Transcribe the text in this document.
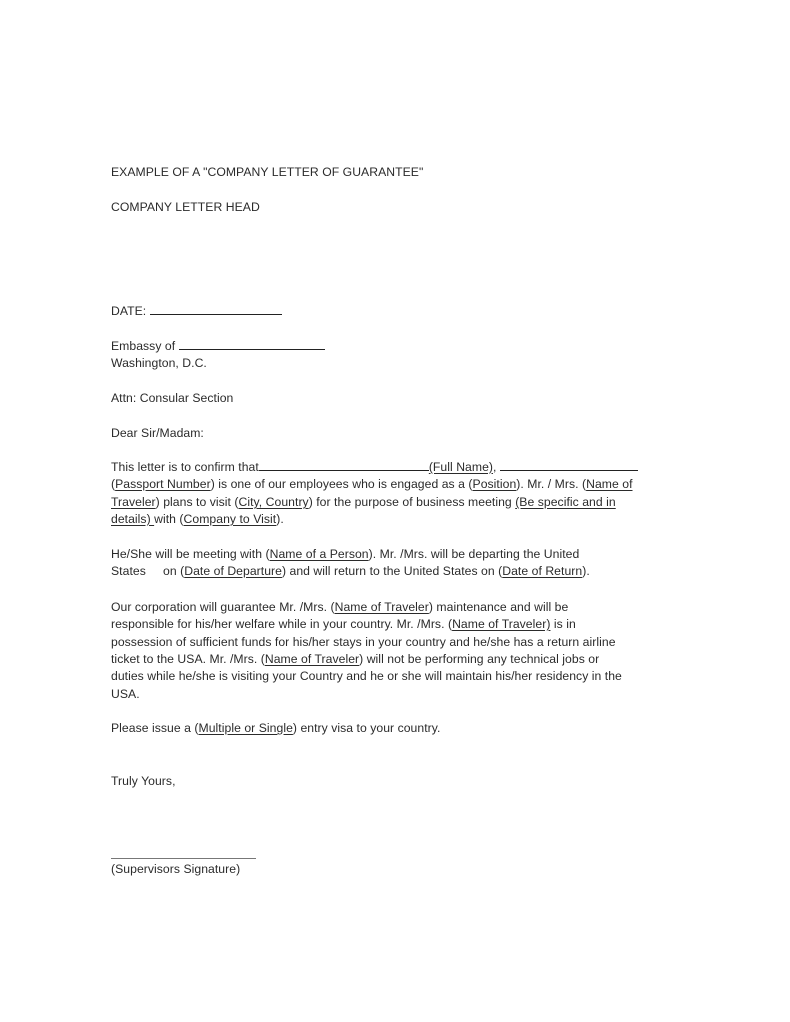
EXAMPLE OF A "COMPANY LETTER OF GUARANTEE"
COMPANY LETTER HEAD
DATE:
Embassy of
Washington, D.C.
Attn: Consular Section
Dear Sir/Madam:
This letter is to confirm that	(Full Name),
(Passport Number) is one of our employees who is engaged as a (Position). Mr. / Mrs. (Name of
Traveler) plans to visit (City, Country) for the purpose of business meeting (Be specific and in
details) with (Company to Visit).
He/She will be meeting with (Name of a Person). Mr. /Mrs. will be departing the United
States     on (Date of Departure) and will return to the United States on (Date of Return).
Our corporation will guarantee Mr. /Mrs. (Name of Traveler) maintenance and will be
responsible for his/her welfare while in your country. Mr. /Mrs. (Name of Traveler) is in
possession of sufficient funds for his/her stays in your country and he/she has a return airline
ticket to the USA. Mr. /Mrs. (Name of Traveler) will not be performing any technical jobs or
duties while he/she is visiting your Country and he or she will maintain his/her residency in the
USA.
Please issue a (Multiple or Single) entry visa to your country.
Truly Yours,
(Supervisors Signature)
